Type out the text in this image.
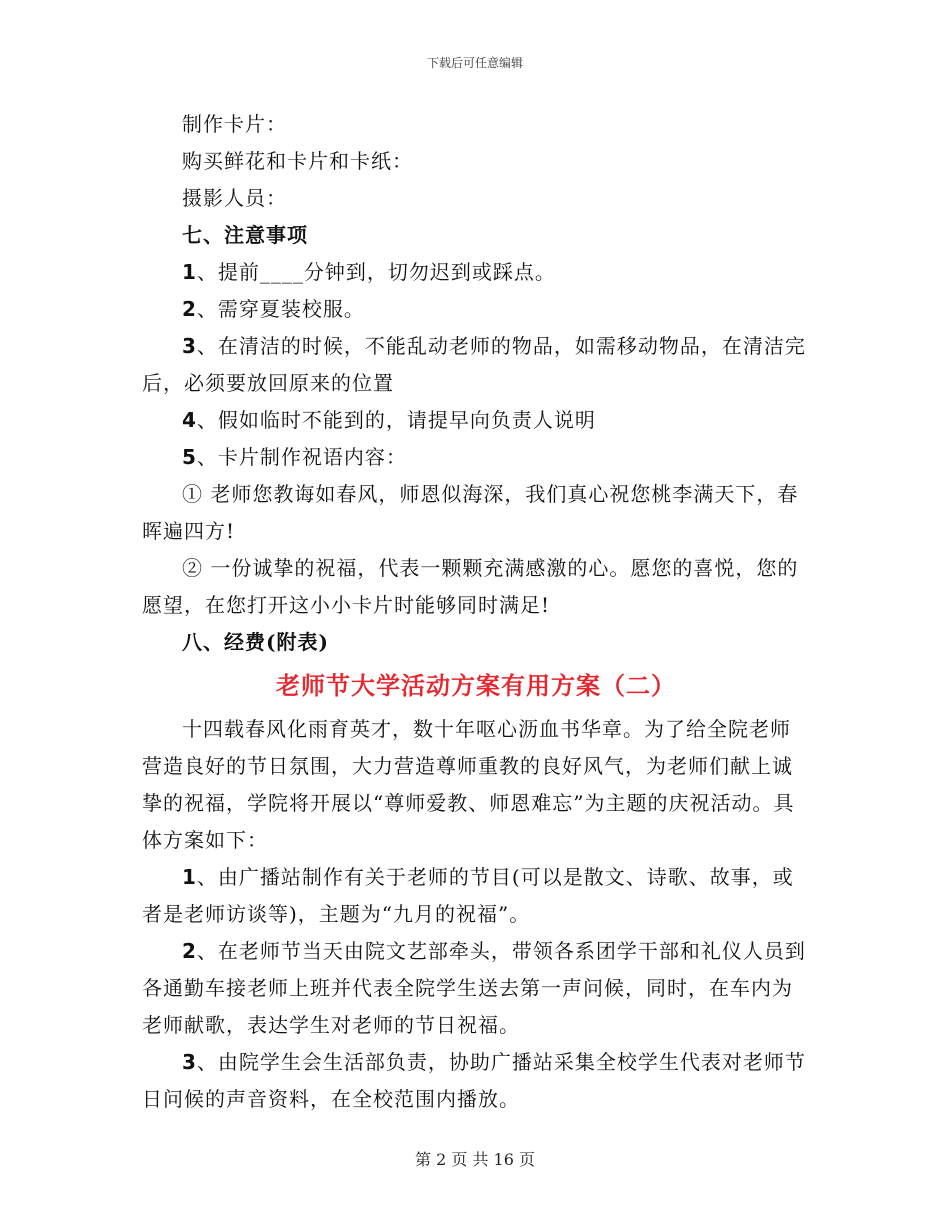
下载后可任意编辑

制作卡片：

购买鲜花和卡片和卡纸：

摄影人员：

七、注意事项

1、提前____分钟到，切勿迟到或踩点。

2、需穿夏装校服。

3、在清洁的时候，不能乱动老师的物品，如需移动物品，在清洁完后，必须要放回原来的位置

4、假如临时不能到的，请提早向负责人说明

5、卡片制作祝语内容：

① 老师您教诲如春风，师恩似海深，我们真心祝您桃李满天下，春晖遍四方!

② 一份诚挚的祝福，代表一颗颗充满感激的心。愿您的喜悦，您的愿望，在您打开这小小卡片时能够同时满足!

八、经费(附表)

老师节大学活动方案有用方案（二）

十四载春风化雨育英才，数十年呕心沥血书华章。为了给全院老师营造良好的节日氛围，大力营造尊师重教的良好风气，为老师们献上诚挚的祝福，学院将开展以“尊师爱教、师恩难忘”为主题的庆祝活动。具体方案如下：

1、由广播站制作有关于老师的节目(可以是散文、诗歌、故事，或者是老师访谈等)，主题为“九月的祝福”。

2、在老师节当天由院文艺部牵头，带领各系团学干部和礼仪人员到各通勤车接老师上班并代表全院学生送去第一声问候，同时，在车内为老师献歌，表达学生对老师的节日祝福。

3、由院学生会生活部负责，协助广播站采集全校学生代表对老师节日问候的声音资料，在全校范围内播放。

第 2 页 共 16 页
